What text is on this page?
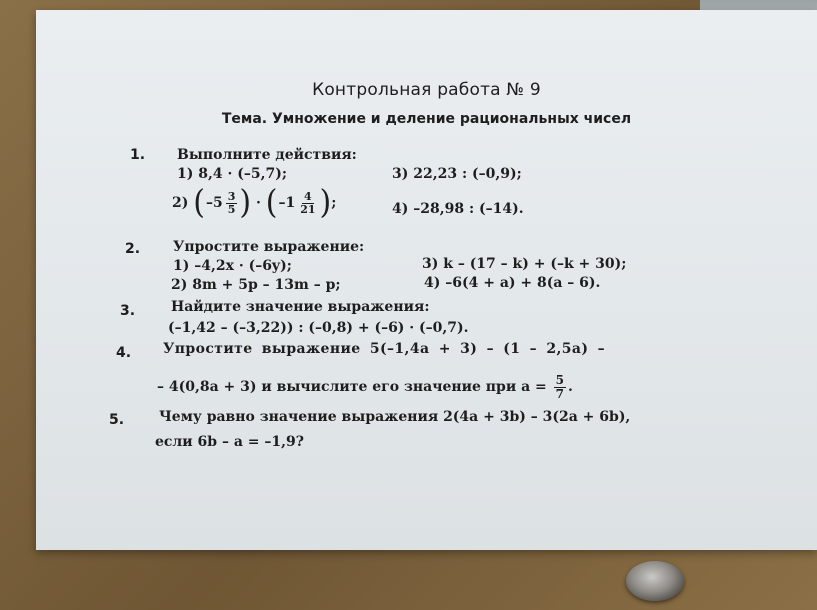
Контрольная работа № 9
Тема. Умножение и деление рациональных чисел
1. Выполните действия:
1) 8,4 · (–5,7);	3) 22,23 : (–0,9);
2) ( $-5 \frac{3}{5}$ ) · ( $-1 \frac{4}{21}$ ) ;	4) –28,98 : (–14).
2. Упростите выражение:
1) –4,2x · (–6y);	3) k – (17 – k) + (–k + 30);
2) 8m + 5p – 13m – p;	4) –6(4 + a) + 8(a – 6).
3.	Найдите значение выражения:
(–1,42 – (–3,22)) : (–0,8) + (–6) · (–0,7).
4. Упростите выражение 5(–1,4a + 3) – (1 – 2,5a) –
– 4(0,8a + 3) и вычислите его значение при $a = \frac{5}{7}$ .
5. Чему равно значение выражения 2(4a + 3b) – 3(2a + 6b),
если 6b – a = –1,9?
